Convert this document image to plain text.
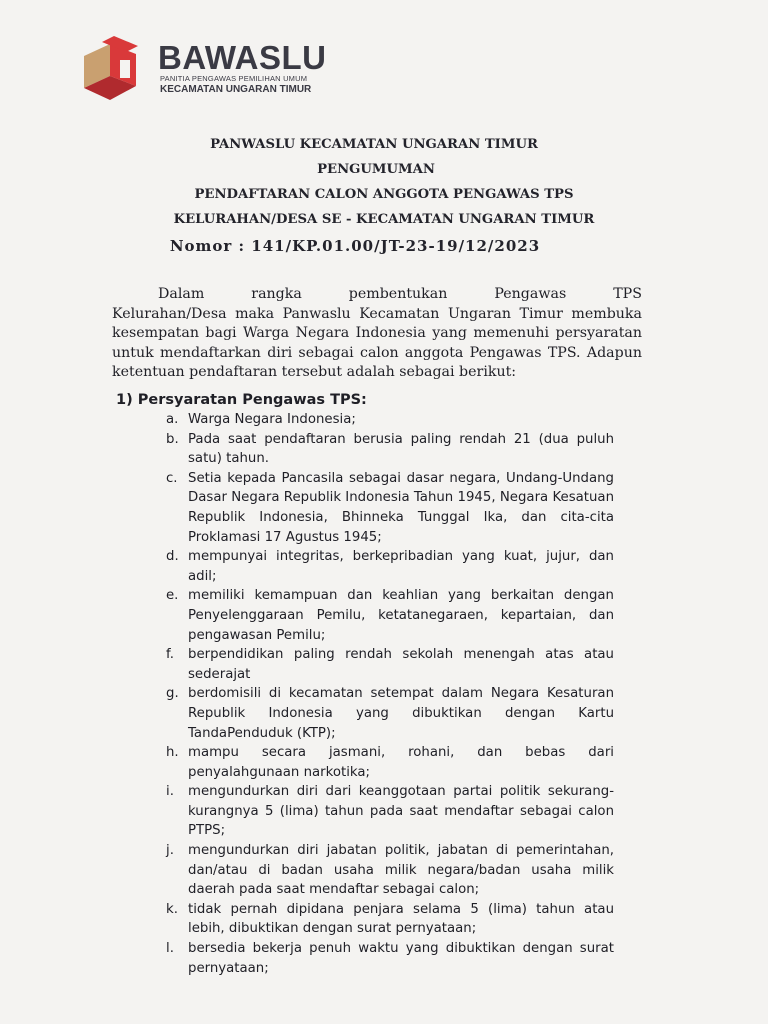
BAWASLU
PANITIA PENGAWAS PEMILIHAN UMUM
KECAMATAN UNGARAN TIMUR
PANWASLU KECAMATAN UNGARAN TIMUR
PENGUMUMAN
PENDAFTARAN CALON ANGGOTA PENGAWAS TPS
KELURAHAN/DESA SE - KECAMATAN UNGARAN TIMUR
Nomor : 141/KP.01.00/JT-23-19/12/2023
Dalam	rangka	pembentukan	Pengawas	TPS
Kelurahan/Desa maka Panwaslu Kecamatan Ungaran Timur membuka kesempatan bagi Warga Negara Indonesia yang memenuhi persyaratan untuk mendaftarkan diri sebagai calon anggota Pengawas TPS. Adapun ketentuan pendaftaran tersebut adalah sebagai berikut:
1) Persyaratan Pengawas TPS:
a. Warga Negara Indonesia;
b. Pada saat pendaftaran berusia paling rendah 21 (dua puluh satu) tahun.
c. Setia kepada Pancasila sebagai dasar negara, Undang-Undang Dasar Negara Republik Indonesia Tahun 1945, Negara Kesatuan Republik Indonesia, Bhinneka Tunggal Ika, dan cita-cita Proklamasi 17 Agustus 1945;
d. mempunyai integritas, berkepribadian yang kuat, jujur, dan adil;
e. memiliki kemampuan dan keahlian yang berkaitan dengan Penyelenggaraan Pemilu, ketatanegaraen, kepartaian, dan pengawasan Pemilu;
f. berpendidikan paling rendah sekolah menengah atas atau sederajat
g. berdomisili di kecamatan setempat dalam Negara Kesaturan Republik Indonesia yang dibuktikan dengan Kartu TandaPenduduk (KTP);
h. mampu secara jasmani, rohani, dan bebas dari penyalahgunaan narkotika;
i. mengundurkan diri dari keanggotaan partai politik sekurang- kurangnya 5 (lima) tahun pada saat mendaftar sebagai calon PTPS;
j. mengundurkan diri jabatan politik, jabatan di pemerintahan, dan/atau di badan usaha milik negara/badan usaha milik daerah pada saat mendaftar sebagai calon;
k. tidak pernah dipidana penjara selama 5 (lima) tahun atau lebih, dibuktikan dengan surat pernyataan;
l. bersedia bekerja penuh waktu yang dibuktikan dengan surat pernyataan;
